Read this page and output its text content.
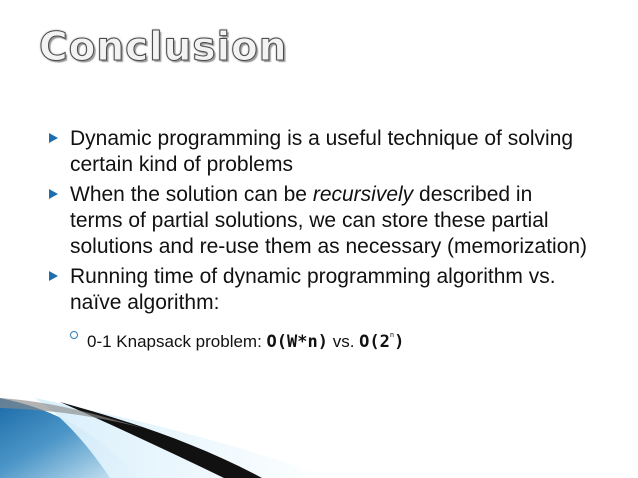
Conclusion
Dynamic programming is a useful technique of solving certain kind of problems
When the solution can be recursively described in terms of partial solutions, we can store these partial solutions and re-use them as necessary (memorization)
Running time of dynamic programming algorithm vs. naïve algorithm:
0-1 Knapsack problem: O(W*n) vs. O(2$^n$)
